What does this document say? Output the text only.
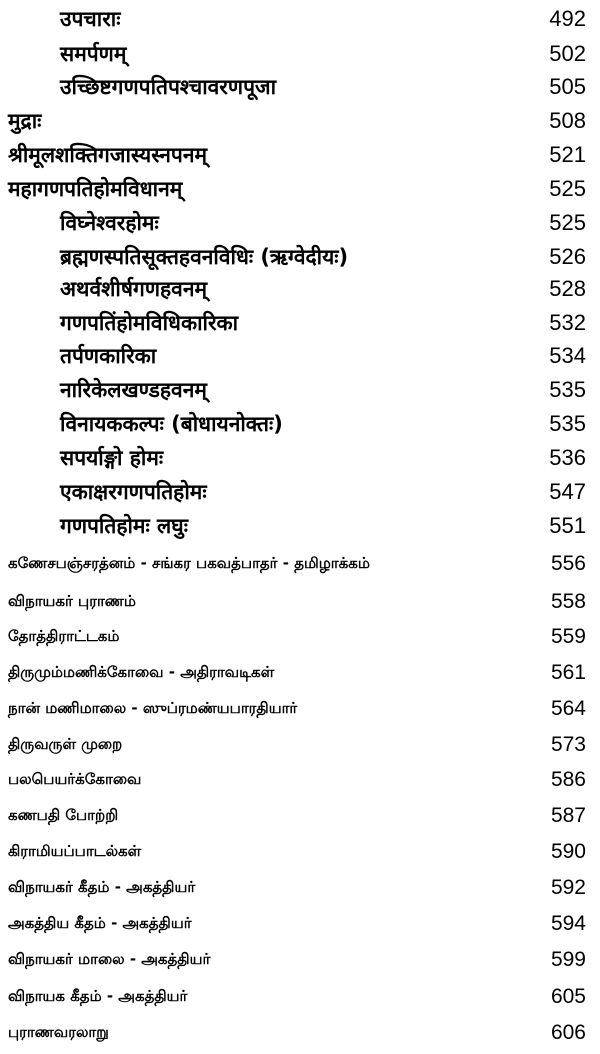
उपचाराः	492
समर्पणम्	502
उच्छिष्टगणपतिपश्चावरणपूजा	505
मुद्राः	508
श्रीमूलशक्तिगजास्यस्नपनम्	521
महागणपतिहोमविधानम्	525
विघ्नेश्वरहोमः	525
ब्रह्मणस्पतिसूक्तहवनविधिः (ऋग्वेदीयः)	526
अथर्वशीर्षगणहवनम्	528
गणपतिंहोमविधिकारिका	532
तर्पणकारिका	534
नारिकेलखण्डहवनम्	535
विनायककल्पः (बोधायनोक्तः)	535
सपर्याङ्गो होमः	536
एकाक्षरगणपतिहोमः	547
गणपतिहोमः लघुः	551
கணேசபஞ்சரத்னம் - சங்கர பகவத்பாதர் - தமிழாக்கம்	556
விநாயகர் புராணம்	558
தோத்திராட்டகம்	559
திருமும்மணிக்கோவை - அதிராவடிகள்	561
நான் மணிமாலை - ஸுப்ரமண்யபாரதியார்	564
திருவருள் முறை	573
பலபெயர்க்கோவை	586
கணபதி போற்றி	587
கிராமியப்பாடல்கள்	590
விநாயகர் கீதம் - அகத்தியர்	592
அகத்திய கீதம் - அகத்தியர்	594
விநாயகர் மாலை - அகத்தியர்	599
விநாயக கீதம் - அகத்தியர்	605
புராணவரலாறு	606
